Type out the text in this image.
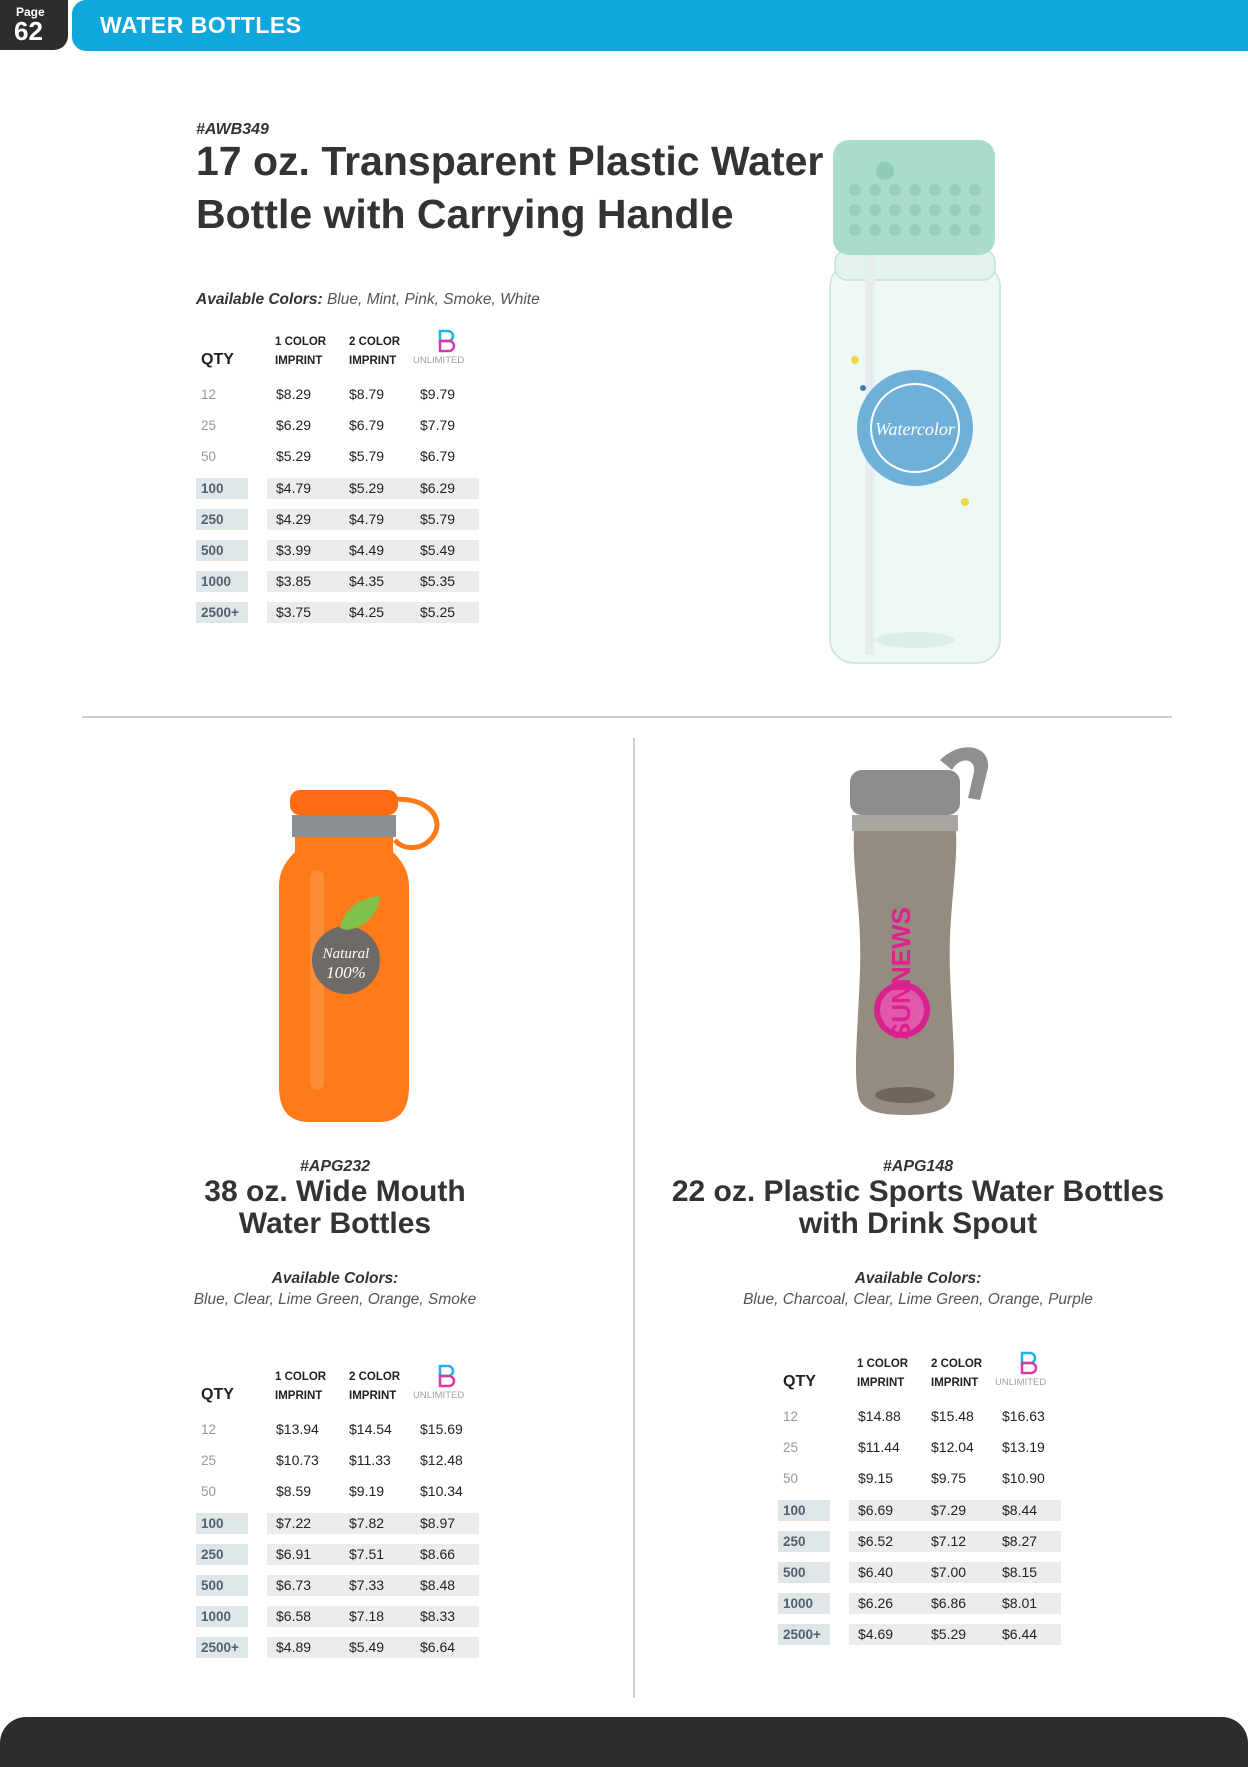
Page
62 WATER BOTTLES
#AWB349
17 oz. Transparent Plastic Water Bottle with Carrying Handle
Available Colors: Blue, Mint, Pink, Smoke, White
QTY
1 COLOR
IMPRINT
2 COLOR
IMPRINT	UNLIMITED
12	$8.29	$8.79	$9.79
25	$6.29	$6.79	$7.79
50	$5.29	$5.79	$6.79
100	$4.79	$5.29	$6.29
250	$4.29	$4.79	$5.79
500	$3.99	$4.49	$5.49
1000	$3.85	$4.35	$5.35
2500+	$3.75	$4.25	$5.25
Watercolor
Natural
100%	SUNNEWS
#APG232
38 oz. Wide Mouth
Water Bottles
Available Colors:
Blue, Clear, Lime Green, Orange, Smoke
QTY
1 COLOR
IMPRINT
2 COLOR
IMPRINT	UNLIMITED
12	$13.94 $14.54 $15.69
25	$10.73 $11.33 $12.48
50	$8.59	$9.19	$10.34
100	$7.22	$7.82	$8.97
250	$6.91	$7.51	$8.66
500	$6.73	$7.33	$8.48
1000	$6.58	$7.18	$8.33
2500+	$4.89	$5.49	$6.64
#APG148
22 oz. Plastic Sports Water Bottles
with Drink Spout
Available Colors:
Blue, Charcoal, Clear, Lime Green, Orange, Purple
QTY
1 COLOR
IMPRINT
2 COLOR
IMPRINT	UNLIMITED
12	$14.88 $15.48 $16.63
25	$11.44 $12.04 $13.19
50	$9.15	$9.75	$10.90
100	$6.69	$7.29	$8.44
250	$6.52	$7.12	$8.27
500	$6.40	$7.00	$8.15
1000	$6.26	$6.86	$8.01
2500+	$4.69	$5.29	$6.44
